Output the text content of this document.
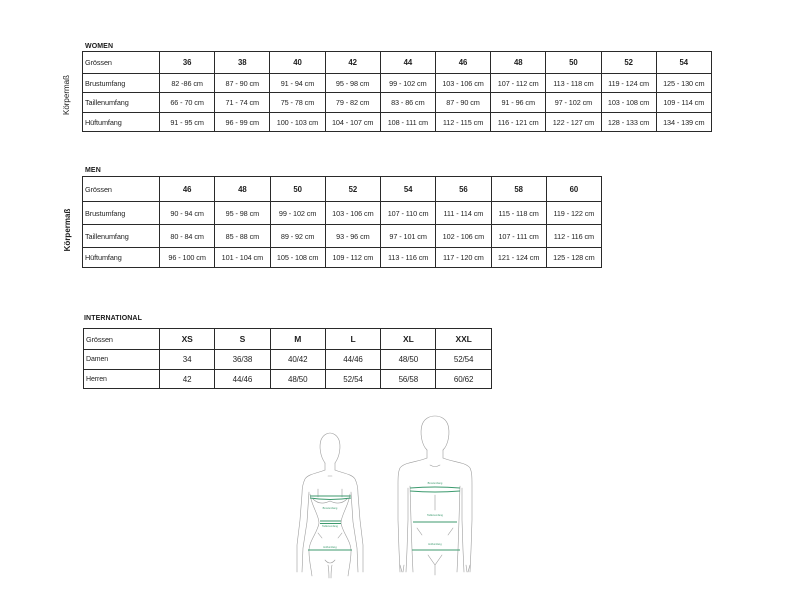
WOMEN
Körpermaß
Grössen	36	38	40	42	44	46	48	50	52	54
Brustumfang	82 -86 cm	87 - 90 cm	91 - 94 cm	95 - 98 cm	99 - 102 cm	103 - 106 cm	107 - 112 cm	113 - 118 cm	119 - 124 cm	125 - 130 cm
Taillenumfang	66 - 70 cm	71 - 74 cm	75 - 78 cm	79 - 82 cm	83 - 86 cm	87 - 90 cm	91 - 96 cm	97 - 102 cm	103 - 108 cm	109 - 114 cm
Hüftumfang	91 - 95 cm	96 - 99 cm	100 - 103 cm	104 - 107 cm	108 - 111 cm	112 - 115 cm	116 - 121 cm	122 - 127 cm	128 - 133 cm	134 - 139 cm
MEN
Körpermaß
Grössen	46	48	50	52	54	56	58	60
Brustumfang	90 - 94 cm	95 - 98 cm	99 - 102 cm	103 - 106 cm	107 - 110 cm	111 - 114 cm	115 - 118 cm	119 - 122 cm
Taillenumfang	80 - 84 cm	85 - 88 cm	89 - 92 cm	93 - 96 cm	97 - 101 cm	102 - 106 cm	107 - 111 cm	112 - 116 cm
Hüftumfang	96 - 100 cm	101 - 104 cm	105 - 108 cm	109 - 112 cm	113 - 116 cm	117 - 120 cm	121 - 124 cm	125 - 128 cm
INTERNATIONAL
Grössen	XS	S	M	L	XL	XXL
Damen	34	36/38	40/42	44/46	48/50	52/54
Herren	42	44/46	48/50	52/54	56/58	60/62
Brustumfang
Taillenumfang
Hüftumfang
Brustumfang
Taillenumfang
Hüftumfang
